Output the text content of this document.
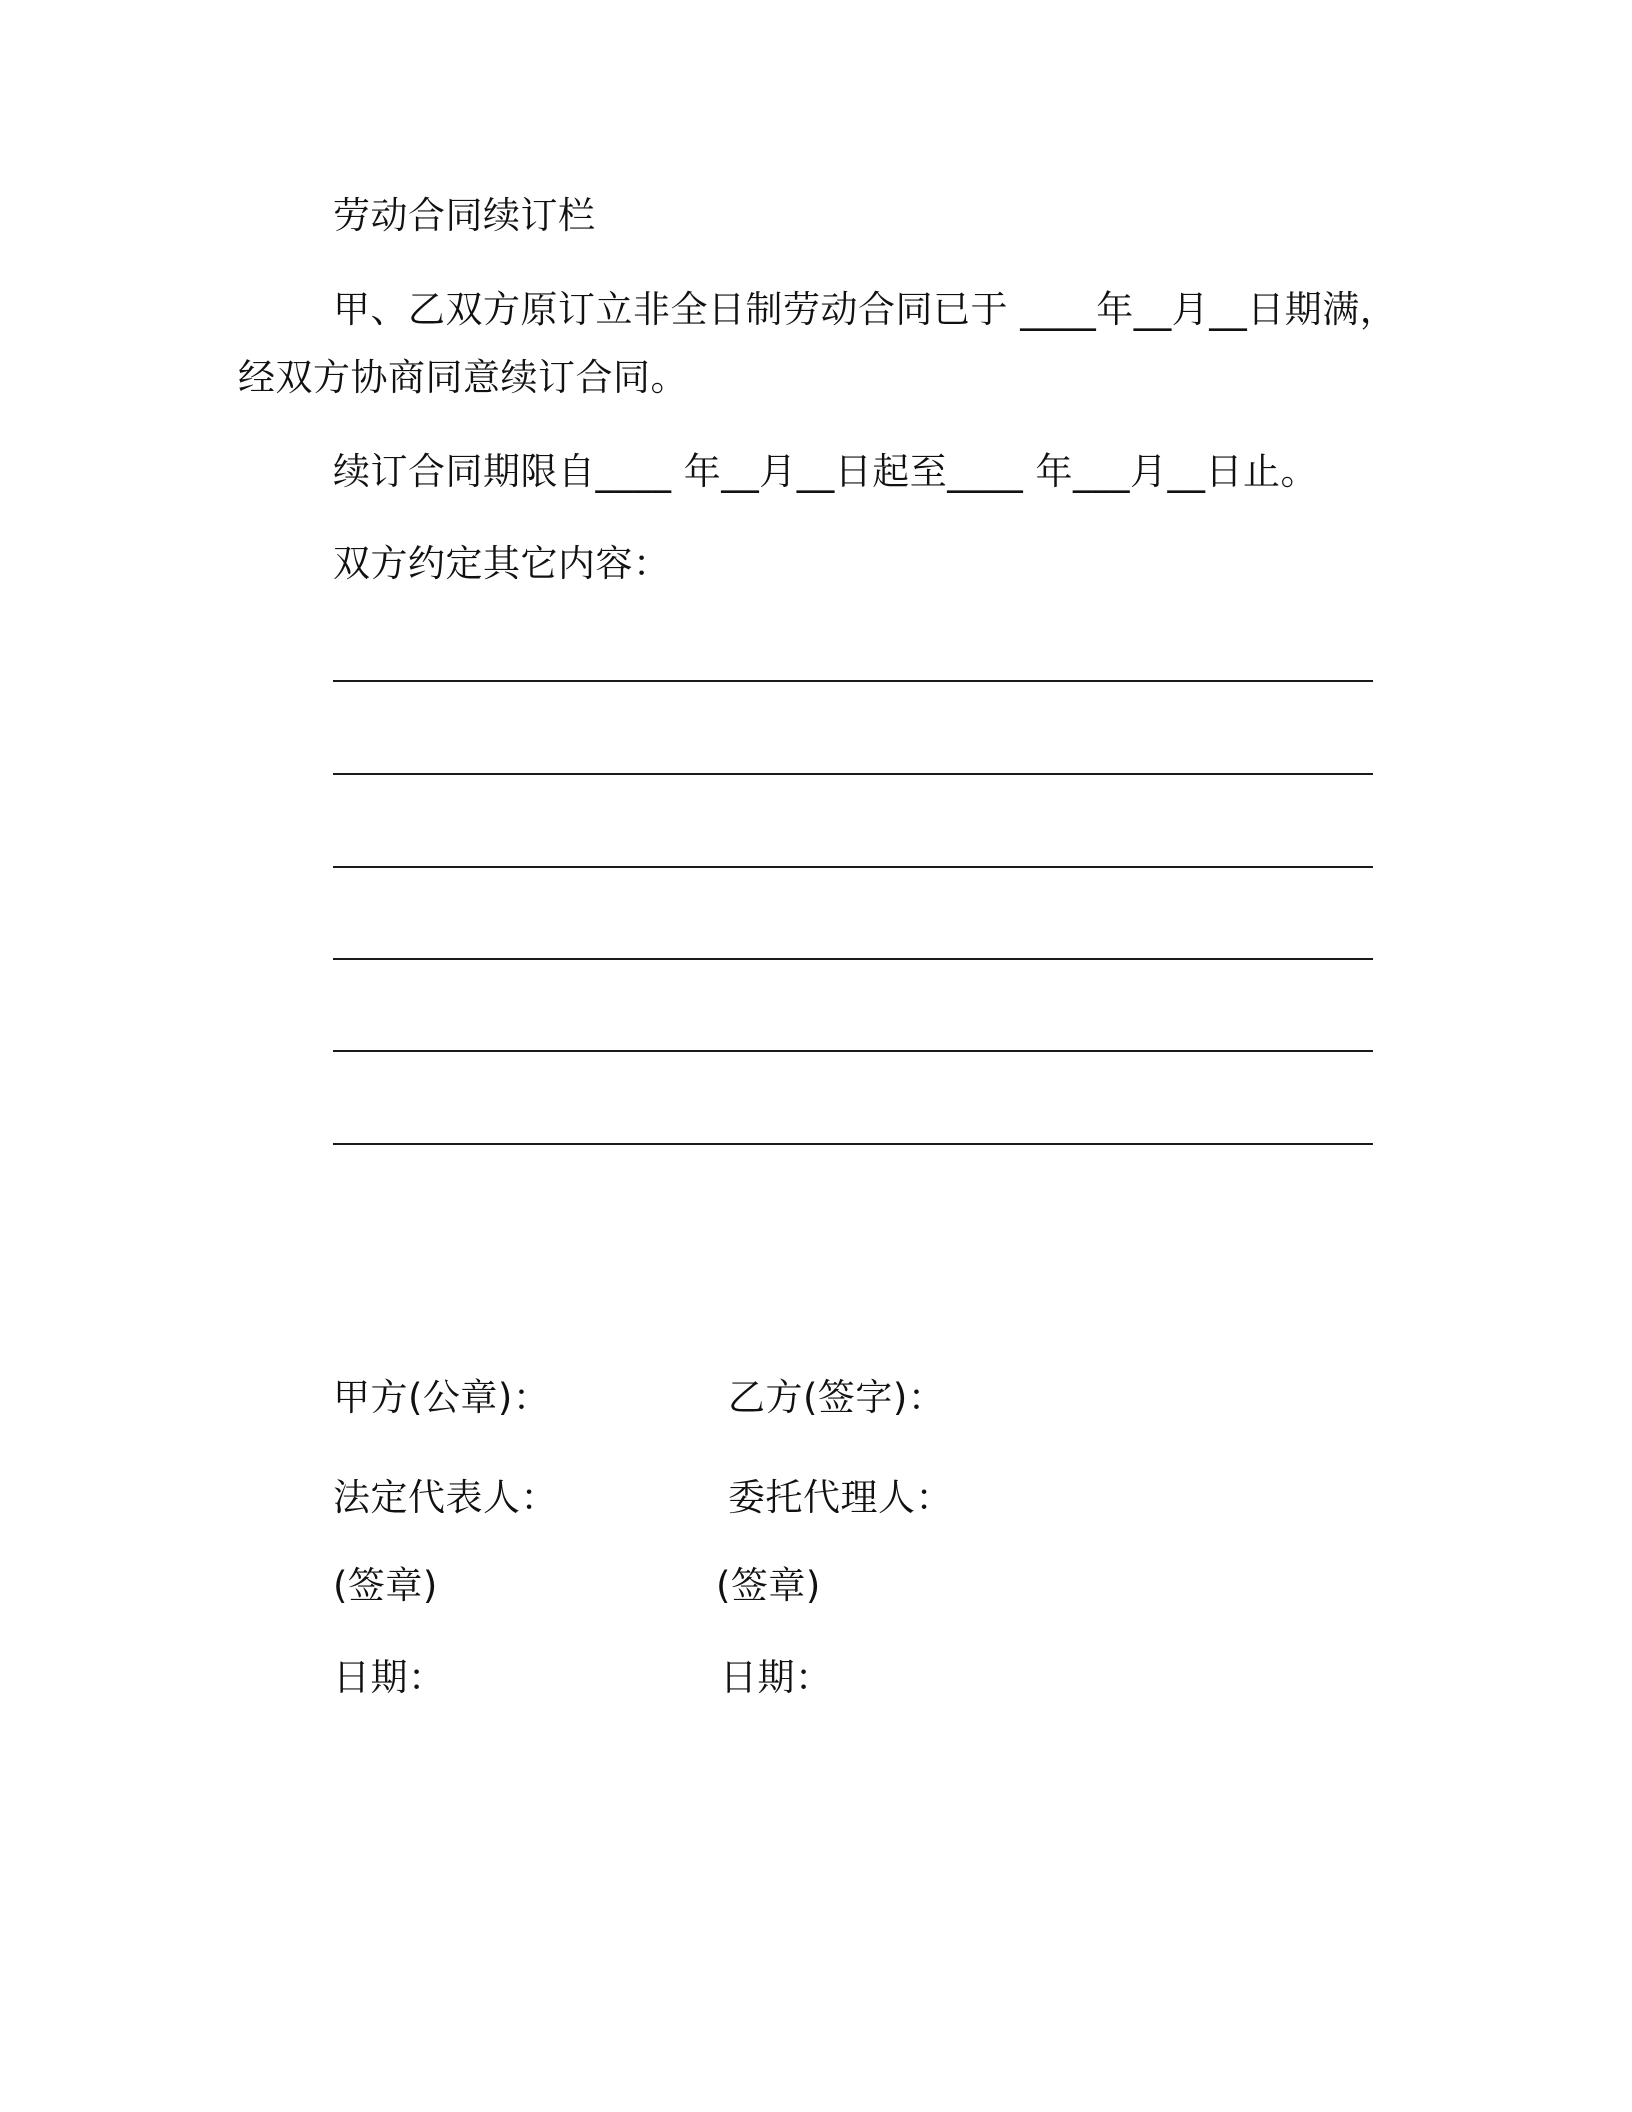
劳动合同续订栏
甲、乙双方原订立非全日制劳动合同已于 ____年__月__日期满，
经双方协商同意续订合同。
续订合同期限自____ 年__月__日起至____ 年___月__日止。
双方约定其它内容：
甲方(公章)：	乙方(签字)：
法定代表人：	委托代理人：
(签章)	(签章)
日期：	日期：
